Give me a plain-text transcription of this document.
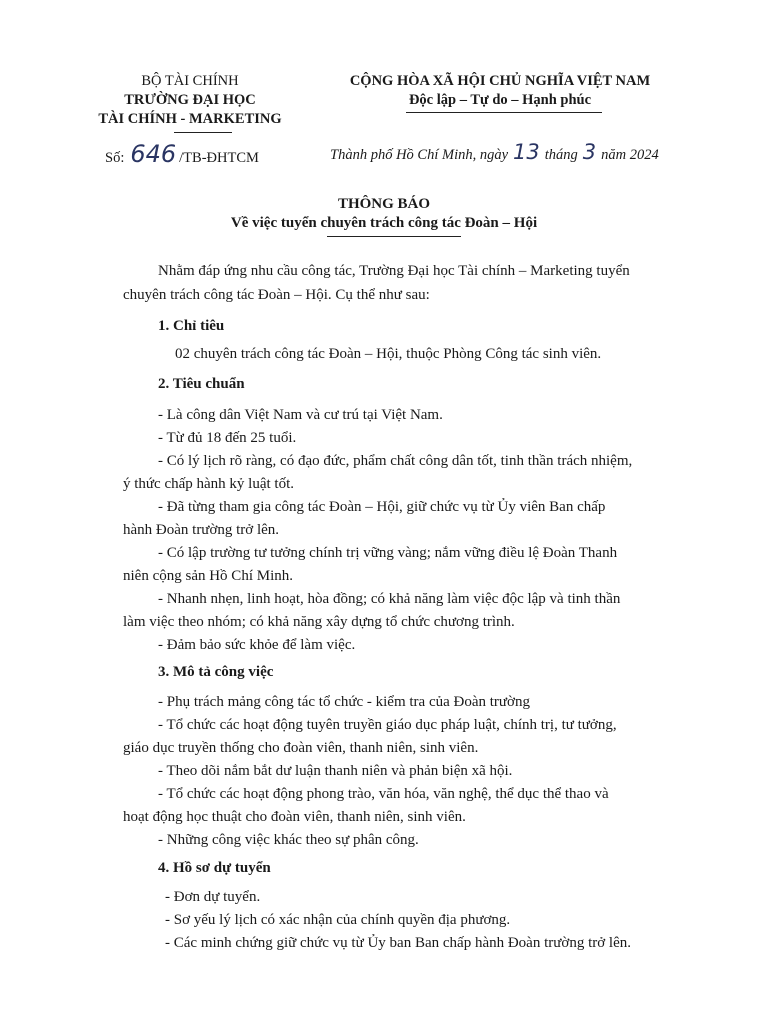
BỘ TÀI CHÍNH
TRƯỜNG ĐẠI HỌC
TÀI CHÍNH - MARKETING
CỘNG HÒA XÃ HỘI CHỦ NGHĨA VIỆT NAM
Độc lập – Tự do – Hạnh phúc
Số: 646 /TB-ĐHTCM	Thành phố Hồ Chí Minh, ngày 13 tháng 3 năm 2024
THÔNG BÁO
Về việc tuyển chuyên trách công tác Đoàn – Hội
Nhằm đáp ứng nhu cầu công tác, Trường Đại học Tài chính – Marketing tuyển
chuyên trách công tác Đoàn – Hội. Cụ thể như sau:
1. Chỉ tiêu
02 chuyên trách công tác Đoàn – Hội, thuộc Phòng Công tác sinh viên.
2. Tiêu chuẩn
- Là công dân Việt Nam và cư trú tại Việt Nam.
- Từ đủ 18 đến 25 tuổi.
- Có lý lịch rõ ràng, có đạo đức, phẩm chất công dân tốt, tinh thần trách nhiệm,
ý thức chấp hành kỷ luật tốt.
- Đã từng tham gia công tác Đoàn – Hội, giữ chức vụ từ Ủy viên Ban chấp
hành Đoàn trường trở lên.
- Có lập trường tư tưởng chính trị vững vàng; nắm vững điều lệ Đoàn Thanh
niên cộng sản Hồ Chí Minh.
- Nhanh nhẹn, linh hoạt, hòa đồng; có khả năng làm việc độc lập và tinh thần
làm việc theo nhóm; có khả năng xây dựng tổ chức chương trình.
- Đảm bảo sức khỏe để làm việc.
3. Mô tả công việc
- Phụ trách mảng công tác tổ chức - kiểm tra của Đoàn trường
- Tổ chức các hoạt động tuyên truyền giáo dục pháp luật, chính trị, tư tưởng,
giáo dục truyền thống cho đoàn viên, thanh niên, sinh viên.
- Theo dõi nắm bắt dư luận thanh niên và phản biện xã hội.
- Tổ chức các hoạt động phong trào, văn hóa, văn nghệ, thể dục thể thao và
hoạt động học thuật cho đoàn viên, thanh niên, sinh viên.
- Những công việc khác theo sự phân công.
4. Hồ sơ dự tuyển
- Đơn dự tuyển.
- Sơ yếu lý lịch có xác nhận của chính quyền địa phương.
- Các minh chứng giữ chức vụ từ Ủy ban Ban chấp hành Đoàn trường trở lên.
